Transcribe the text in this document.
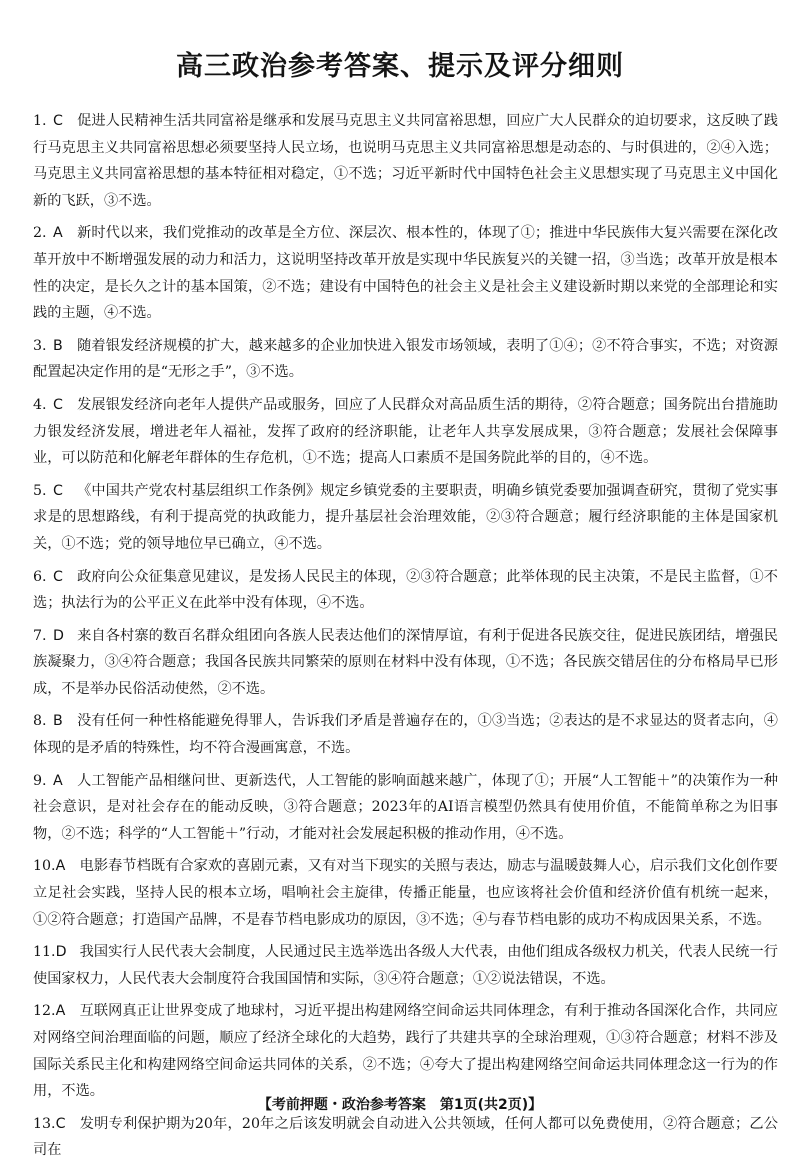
高三政治参考答案、提示及评分细则
1. C 促进人民精神生活共同富裕是继承和发展马克思主义共同富裕思想，回应广大人民群众的迫切要求，这反映了践行马克思主义共同富裕思想必须要坚持人民立场，也说明马克思主义共同富裕思想是动态的、与时俱进的，②④入选；马克思主义共同富裕思想的基本特征相对稳定，①不选；习近平新时代中国特色社会主义思想实现了马克思主义中国化新的飞跃，③不选。
2. A 新时代以来，我们党推动的改革是全方位、深层次、根本性的，体现了①；推进中华民族伟大复兴需要在深化改革开放中不断增强发展的动力和活力，这说明坚持改革开放是实现中华民族复兴的关键一招，③当选；改革开放是根本性的决定，是长久之计的基本国策，②不选；建设有中国特色的社会主义是社会主义建设新时期以来党的全部理论和实践的主题，④不选。
3. B 随着银发经济规模的扩大，越来越多的企业加快进入银发市场领域，表明了①④；②不符合事实，不选；对资源配置起决定作用的是“无形之手”，③不选。
4. C 发展银发经济向老年人提供产品或服务，回应了人民群众对高品质生活的期待，②符合题意；国务院出台措施助力银发经济发展，增进老年人福祉，发挥了政府的经济职能，让老年人共享发展成果，③符合题意；发展社会保障事业，可以防范和化解老年群体的生存危机，①不选；提高人口素质不是国务院此举的目的，④不选。
5. C 《中国共产党农村基层组织工作条例》规定乡镇党委的主要职责，明确乡镇党委要加强调查研究，贯彻了党实事求是的思想路线，有利于提高党的执政能力，提升基层社会治理效能，②③符合题意；履行经济职能的主体是国家机关，①不选；党的领导地位早已确立，④不选。
6. C 政府向公众征集意见建议，是发扬人民民主的体现，②③符合题意；此举体现的民主决策，不是民主监督，①不选；执法行为的公平正义在此举中没有体现，④不选。
7. D 来自各村寨的数百名群众组团向各族人民表达他们的深情厚谊，有利于促进各民族交往，促进民族团结，增强民族凝聚力，③④符合题意；我国各民族共同繁荣的原则在材料中没有体现，①不选；各民族交错居住的分布格局早已形成，不是举办民俗活动使然，②不选。
8. B 没有任何一种性格能避免得罪人，告诉我们矛盾是普遍存在的，①③当选；②表达的是不求显达的贤者志向，④体现的是矛盾的特殊性，均不符合漫画寓意，不选。
9. A 人工智能产品相继问世、更新迭代，人工智能的影响面越来越广，体现了①；开展“人工智能＋”的决策作为一种社会意识，是对社会存在的能动反映，③符合题意；2023年的AI语言模型仍然具有使用价值，不能简单称之为旧事物，②不选；科学的“人工智能＋”行动，才能对社会发展起积极的推动作用，④不选。
10.A 电影春节档既有合家欢的喜剧元素，又有对当下现实的关照与表达，励志与温暖鼓舞人心，启示我们文化创作要立足社会实践，坚持人民的根本立场，唱响社会主旋律，传播正能量，也应该将社会价值和经济价值有机统一起来，①②符合题意；打造国产品牌，不是春节档电影成功的原因，③不选；④与春节档电影的成功不构成因果关系，不选。
11.D 我国实行人民代表大会制度，人民通过民主选举选出各级人大代表，由他们组成各级权力机关，代表人民统一行使国家权力，人民代表大会制度符合我国国情和实际，③④符合题意；①②说法错误，不选。
12.A 互联网真正让世界变成了地球村，习近平提出构建网络空间命运共同体理念，有利于推动各国深化合作，共同应对网络空间治理面临的问题，顺应了经济全球化的大趋势，践行了共建共享的全球治理观，①③符合题意；材料不涉及国际关系民主化和构建网络空间命运共同体的关系，②不选；④夸大了提出构建网络空间命运共同体理念这一行为的作用，不选。
13.C 发明专利保护期为20年，20年之后该发明就会自动进入公共领域，任何人都可以免费使用，②符合题意；乙公司在
【考前押题・政治参考答案　第1页(共2页)】
